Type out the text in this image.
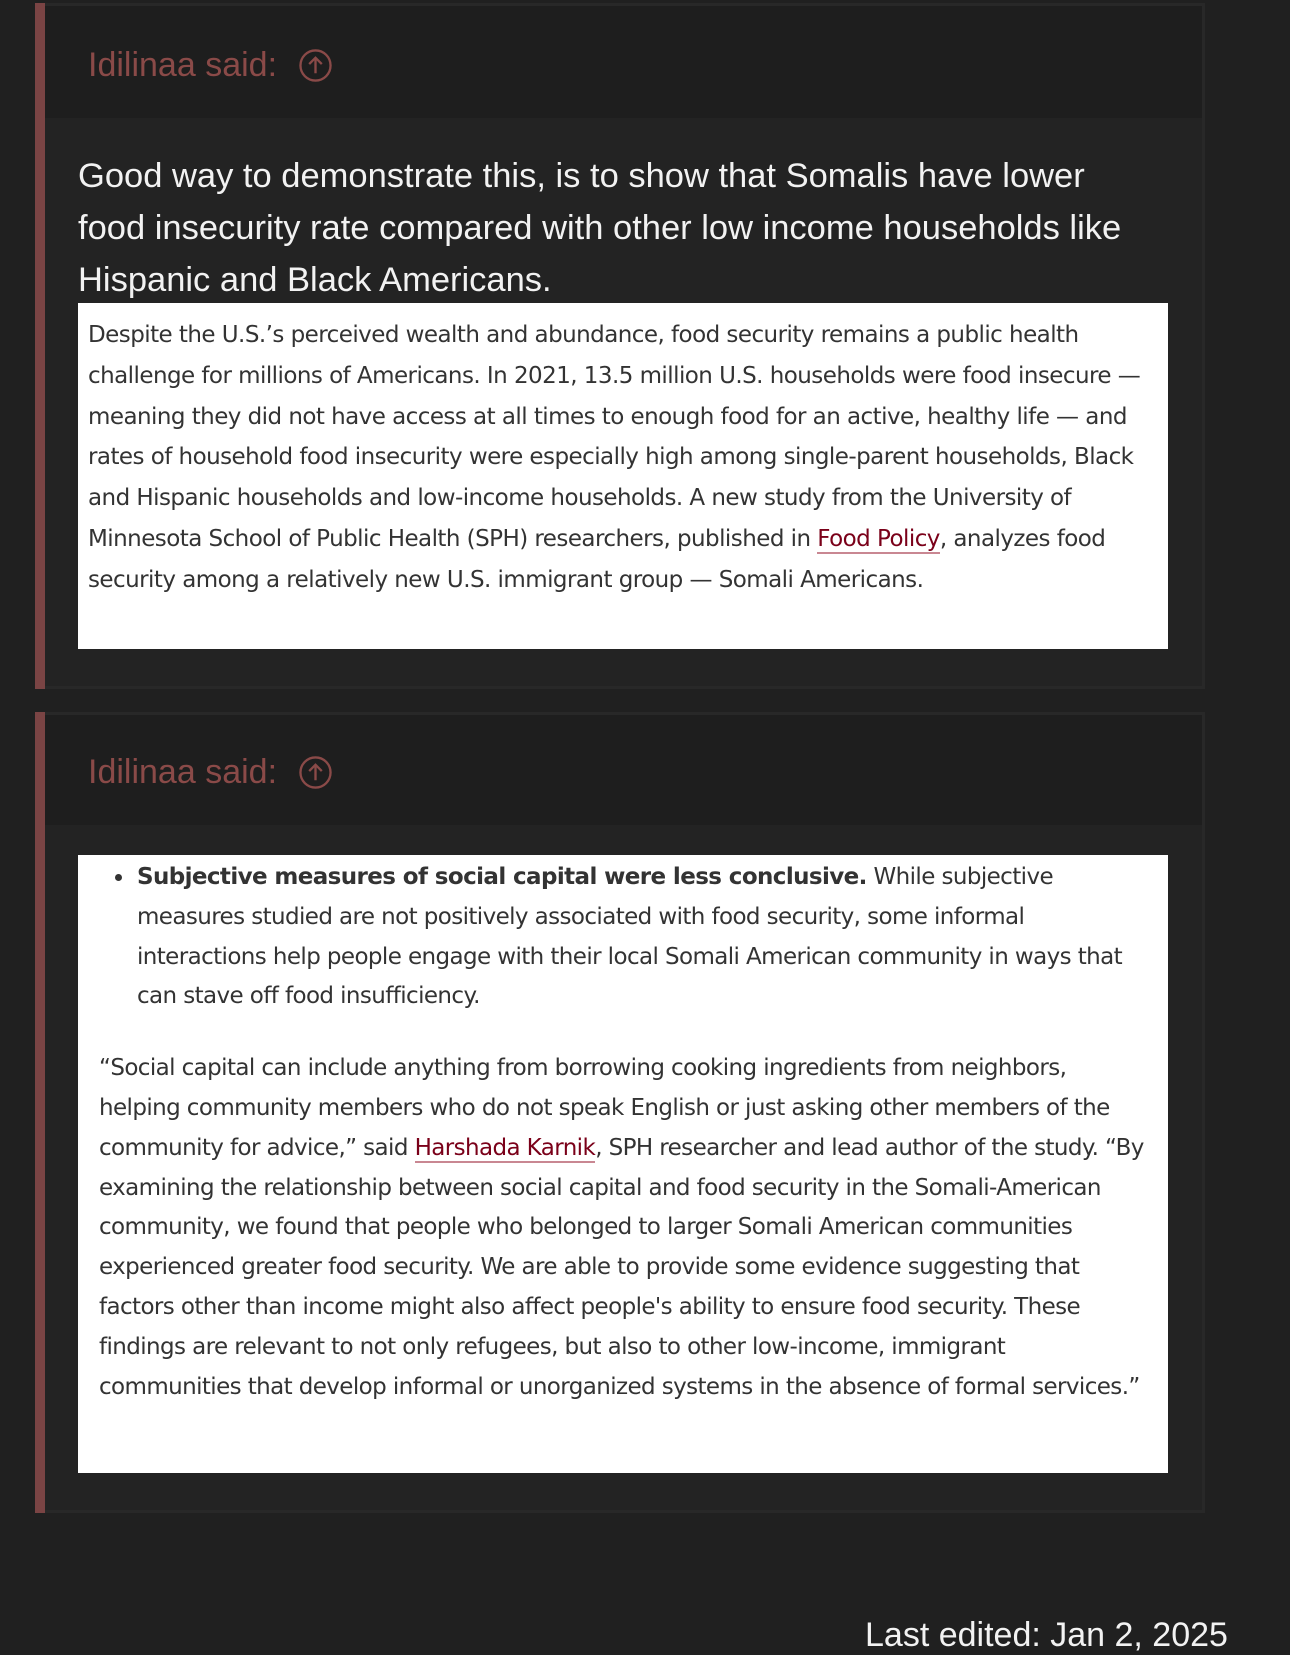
Idilinaa said:
Good way to demonstrate this, is to show that Somalis have lower food insecurity rate compared with other low income households like Hispanic and Black Americans.
Despite the U.S.’s perceived wealth and abundance, food security remains a public health challenge for millions of Americans. In 2021, 13.5 million U.S. households were food insecure — meaning they did not have access at all times to enough food for an active, healthy life — and rates of household food insecurity were especially high among single-parent households, Black and Hispanic households and low-income households. A new study from the University of Minnesota School of Public Health (SPH) researchers, published in Food Policy, analyzes food security among a relatively new U.S. immigrant group — Somali Americans.
Idilinaa said:
• Subjective measures of social capital were less conclusive. While subjective measures studied are not positively associated with food security, some informal interactions help people engage with their local Somali American community in ways that can stave off food insufficiency.

“Social capital can include anything from borrowing cooking ingredients from neighbors, helping community members who do not speak English or just asking other members of the community for advice,” said Harshada Karnik, SPH researcher and lead author of the study. “By examining the relationship between social capital and food security in the Somali-American community, we found that people who belonged to larger Somali American communities experienced greater food security. We are able to provide some evidence suggesting that factors other than income might also affect people's ability to ensure food security. These findings are relevant to not only refugees, but also to other low-income, immigrant communities that develop informal or unorganized systems in the absence of formal services.”

Last edited: Jan 2, 2025
